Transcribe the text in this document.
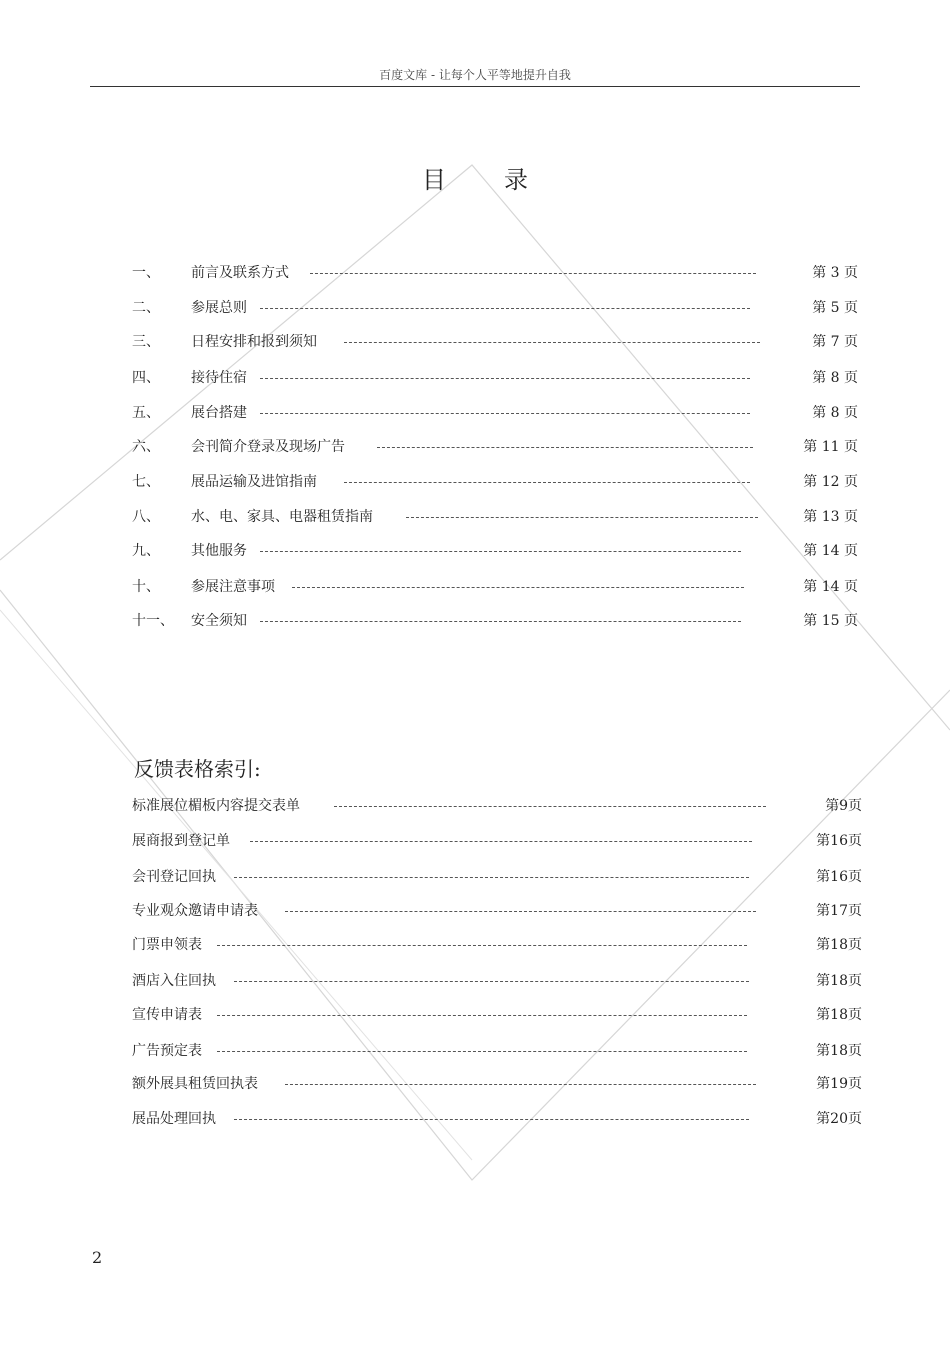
百度文库 - 让每个人平等地提升自我
目录
一、 前言及联系方式	第 3 页
二、 参展总则	第 5 页
三、 日程安排和报到须知	第 7 页
四、 接待住宿	第 8 页
五、 展台搭建	第 8 页
六、 会刊简介登录及现场广告	第 11 页
七、 展品运输及进馆指南	第 12 页
八、 水、电、家具、电器租赁指南	第 13 页
九、 其他服务	第 14 页
十、 参展注意事项	第 14 页
十一、 安全须知	第 15 页
反馈表格索引:
标准展位楣板内容提交表单	第9页
展商报到登记单	第16页
会刊登记回执	第16页
专业观众邀请申请表	第17页
门票申领表	第18页
酒店入住回执	第18页
宣传申请表	第18页
广告预定表	第18页
额外展具租赁回执表	第19页
展品处理回执	第20页
2
